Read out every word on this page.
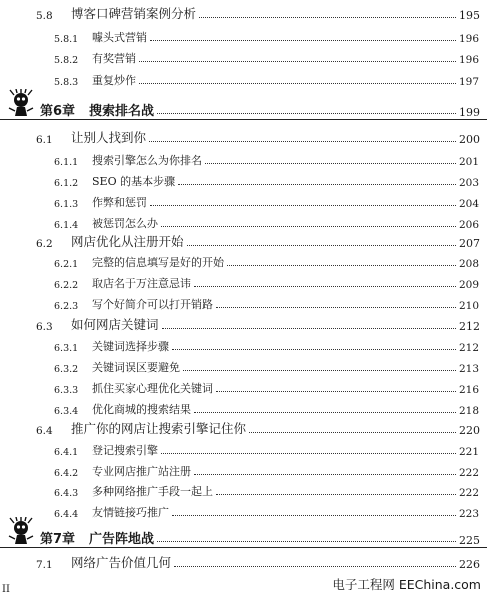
5.8	博客口碑营销案例分析	195
5.8.1	噱头式营销	196
5.8.2	有奖营销	196
5.8.3	重复炒作	197
第6章 搜索排名战	199
6.1	让别人找到你	200
6.1.1	搜索引擎怎么为你排名	201
6.1.2	SEO 的基本步骤	203
6.1.3	作弊和惩罚	204
6.1.4	被惩罚怎么办	206
6.2	网店优化从注册开始	207
6.2.1	完整的信息填写是好的开始	208
6.2.2	取店名于万注意忌讳	209
6.2.3	写个好简介可以打开销路	210
6.3	如何网店关键词	212
6.3.1	关键词选择步骤	212
6.3.2	关键词误区要避免	213
6.3.3	抓住买家心理优化关键词	216
6.3.4	优化商城的搜索结果	218
6.4	推广你的网店让搜索引擎记住你	220
6.4.1	登记搜索引擎	221
6.4.2	专业网店推广站注册	222
6.4.3	多种网络推广手段一起上	222
6.4.4	友情链接巧推广	223
第7章 广告阵地战	225
7.1	网络广告价值几何	226
II	电子工程网 EEChina.com
